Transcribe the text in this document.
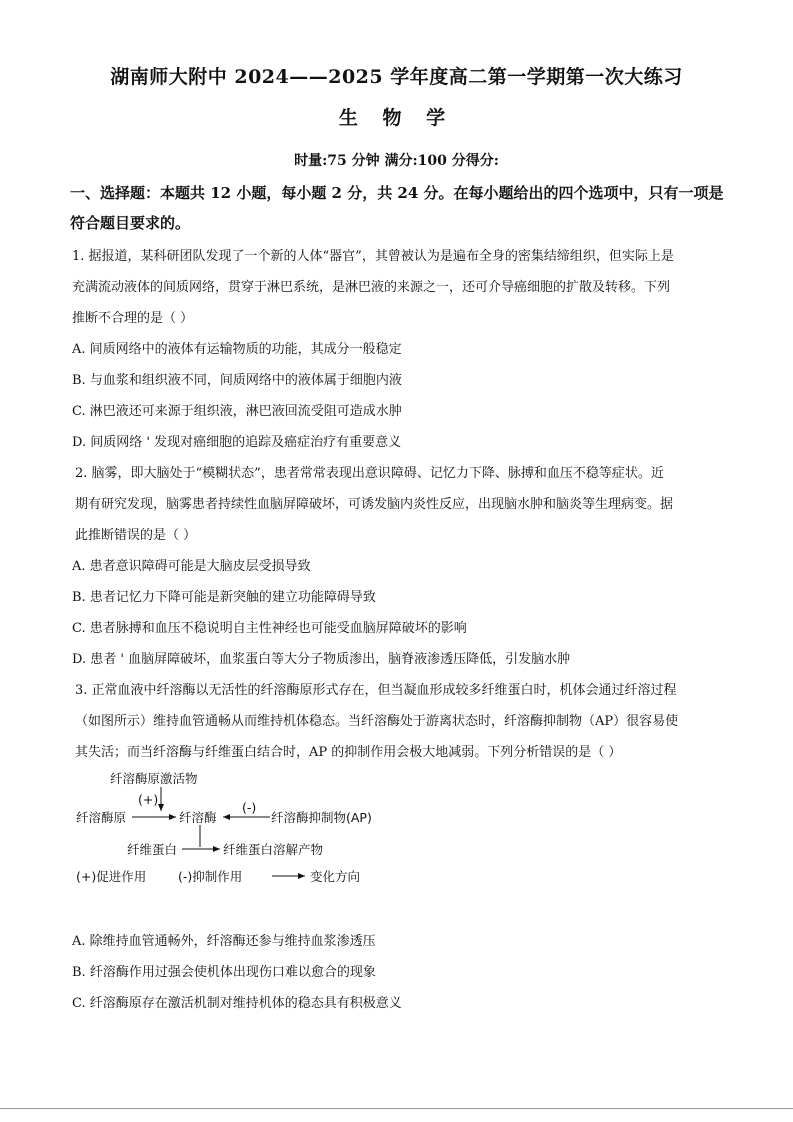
湖南师大附中 2024——2025 学年度高二第一学期第一次大练习
生 物 学
时量:75 分钟 满分:100 分得分:
一、选择题：本题共 12 小题，每小题 2 分，共 24 分。在每小题给出的四个选项中，只有一项是符合题目要求的。
1. 据报道，某科研团队发现了一个新的人体“器官”，其曾被认为是遍布全身的密集结缔组织，但实际上是
充满流动液体的间质网络，贯穿于淋巴系统，是淋巴液的来源之一，还可介导癌细胞的扩散及转移。下列
推断不合理的是（ ）
A. 间质网络中的液体有运输物质的功能，其成分一般稳定
B. 与血浆和组织液不同，间质网络中的液体属于细胞内液
C. 淋巴液还可来源于组织液，淋巴液回流受阻可造成水肿
D. 间质网络 ' 发现对癌细胞的追踪及癌症治疗有重要意义
2. 脑雾，即大脑处于“模糊状态”，患者常常表现出意识障碍、记忆力下降、脉搏和血压不稳等症状。近
期有研究发现，脑雾患者持续性血脑屏障破坏，可诱发脑内炎性反应，出现脑水肿和脑炎等生理病变。据
此推断错误的是（ ）
A. 患者意识障碍可能是大脑皮层受损导致
B. 患者记忆力下降可能是新突触的建立功能障碍导致
C. 患者脉搏和血压不稳说明自主性神经也可能受血脑屏障破坏的影响
D. 患者 ' 血脑屏障破坏，血浆蛋白等大分子物质渗出，脑脊液渗透压降低，引发脑水肿
3. 正常血液中纤溶酶以无活性的纤溶酶原形式存在，但当凝血形成较多纤维蛋白时，机体会通过纤溶过程
（如图所示）维持血管通畅从而维持机体稳态。当纤溶酶处于游离状态时，纤溶酶抑制物（AP）很容易使
其失活；而当纤溶酶与纤维蛋白结合时，AP 的抑制作用会极大地减弱。下列分析错误的是（ ）
纤溶酶原激活物
(+)
纤溶酶原	纤溶酶
(-)
纤溶酶抑制物(AP)
纤维蛋白	纤维蛋白溶解产物
(+)促进作用	(-)抑制作用	变化方向
A. 除维持血管通畅外，纤溶酶还参与维持血浆渗透压
B. 纤溶酶作用过强会使机体出现伤口难以愈合的现象
C. 纤溶酶原存在激活机制对维持机体的稳态具有积极意义
